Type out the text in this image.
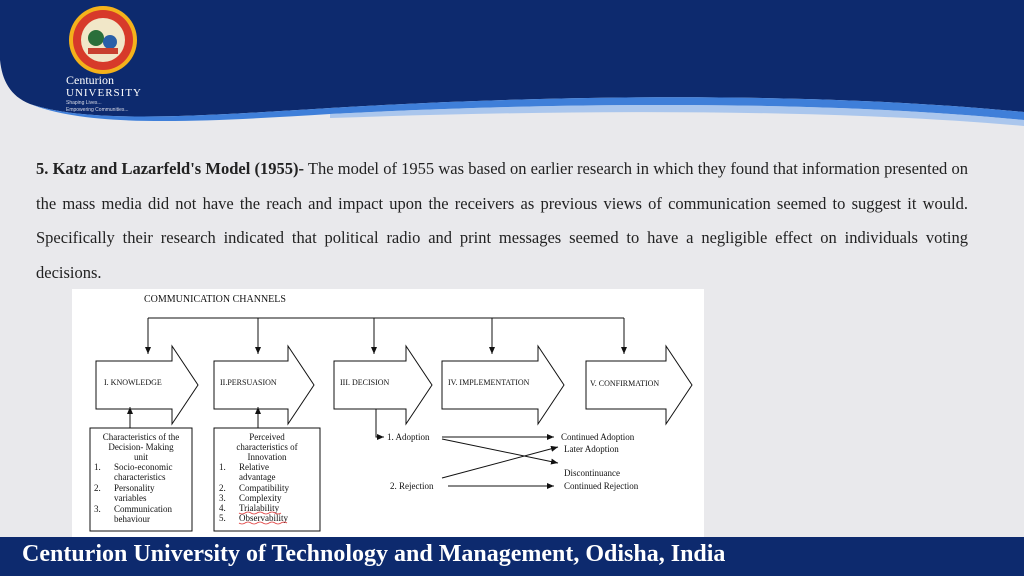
Centurion
UNIVERSITY
Shaping Lives...
Empowering Communities...
5. Katz and Lazarfeld's Model (1955)- The model of 1955 was based on earlier research in which they found that information presented on the mass media did not have the reach and impact upon the receivers as previous views of communication seemed to suggest it would. Specifically their research indicated that political radio and print messages seemed to have a negligible effect on individuals voting decisions.
COMMUNICATION CHANNELS
I. KNOWLEDGE	II.PERSUASION	III. DECISION	IV. IMPLEMENTATION	V. CONFIRMATION
Characteristics of the
Decision- Making
unit
1. Socio-economic
characteristics
2. Personality
variables
3. Communication
behaviour
Perceived
characteristics of
Innovation
1. Relative
advantage
2. Compatibility
3. Complexity
4. Trialability
5. Observability
1. Adoption
2. Rejection
Continued Adoption
Later Adoption
Discontinuance
Continued Rejection
Centurion University of Technology and Management, Odisha, India
